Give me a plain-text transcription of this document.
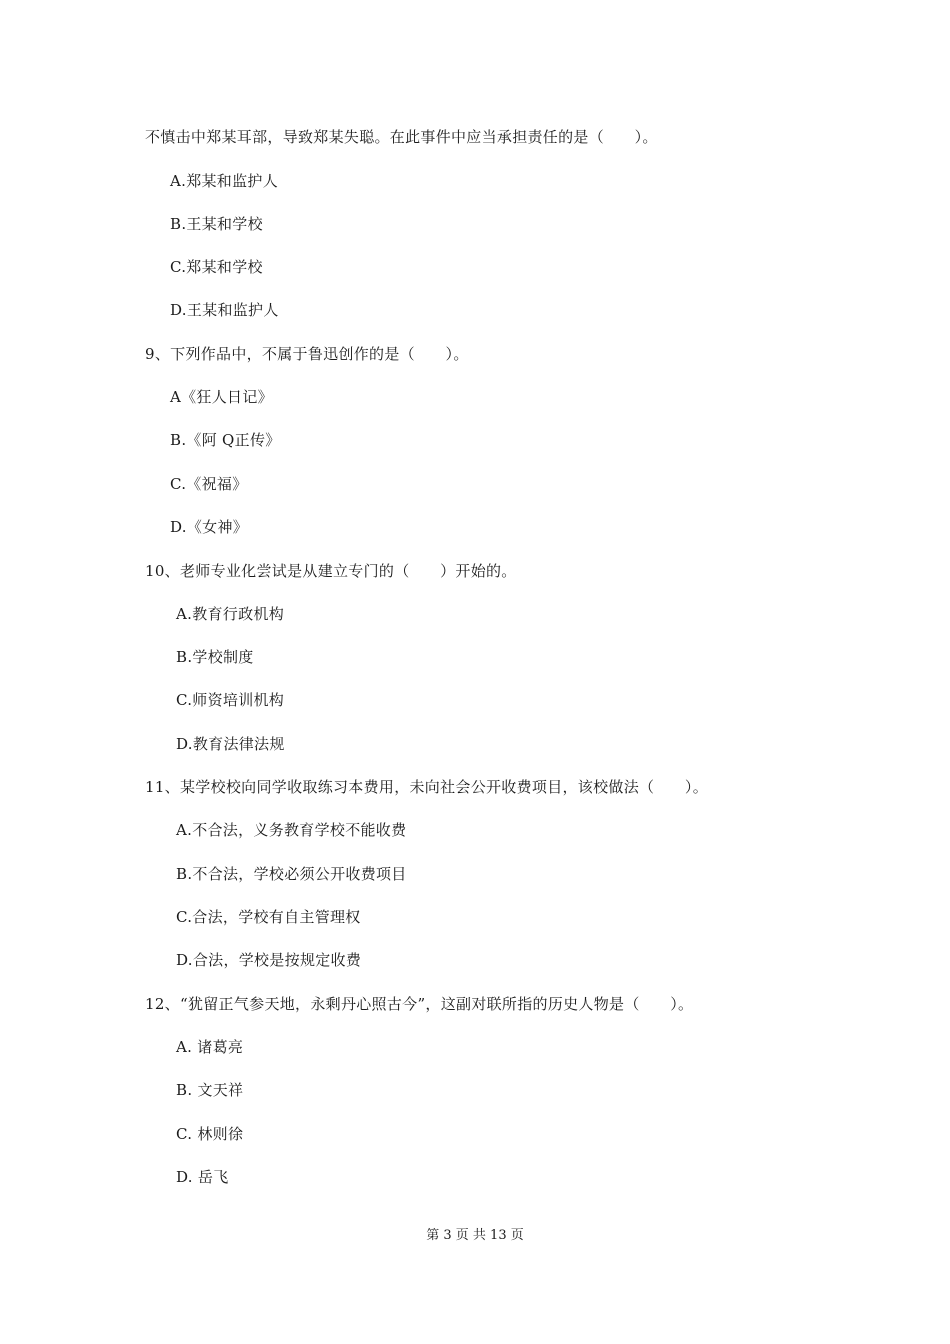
不慎击中郑某耳部，导致郑某失聪。在此事件中应当承担责任的是（　　）。
A.郑某和监护人
B.王某和学校
C.郑某和学校
D.王某和监护人
9、下列作品中，不属于鲁迅创作的是（　　）。
A《狂人日记》
B.《阿 Q正传》
C.《祝福》
D.《女神》
10、老师专业化尝试是从建立专门的（　　）开始的。
A.教育行政机构
B.学校制度
C.师资培训机构
D.教育法律法规
11、某学校校向同学收取练习本费用，未向社会公开收费项目，该校做法（　　）。
A.不合法，义务教育学校不能收费
B.不合法，学校必须公开收费项目
C.合法，学校有自主管理权
D.合法，学校是按规定收费
12、“犹留正气参天地，永剩丹心照古今”，这副对联所指的历史人物是（　　）。
A. 诸葛亮
B. 文天祥
C. 林则徐
D. 岳飞
第 3 页 共 13 页
